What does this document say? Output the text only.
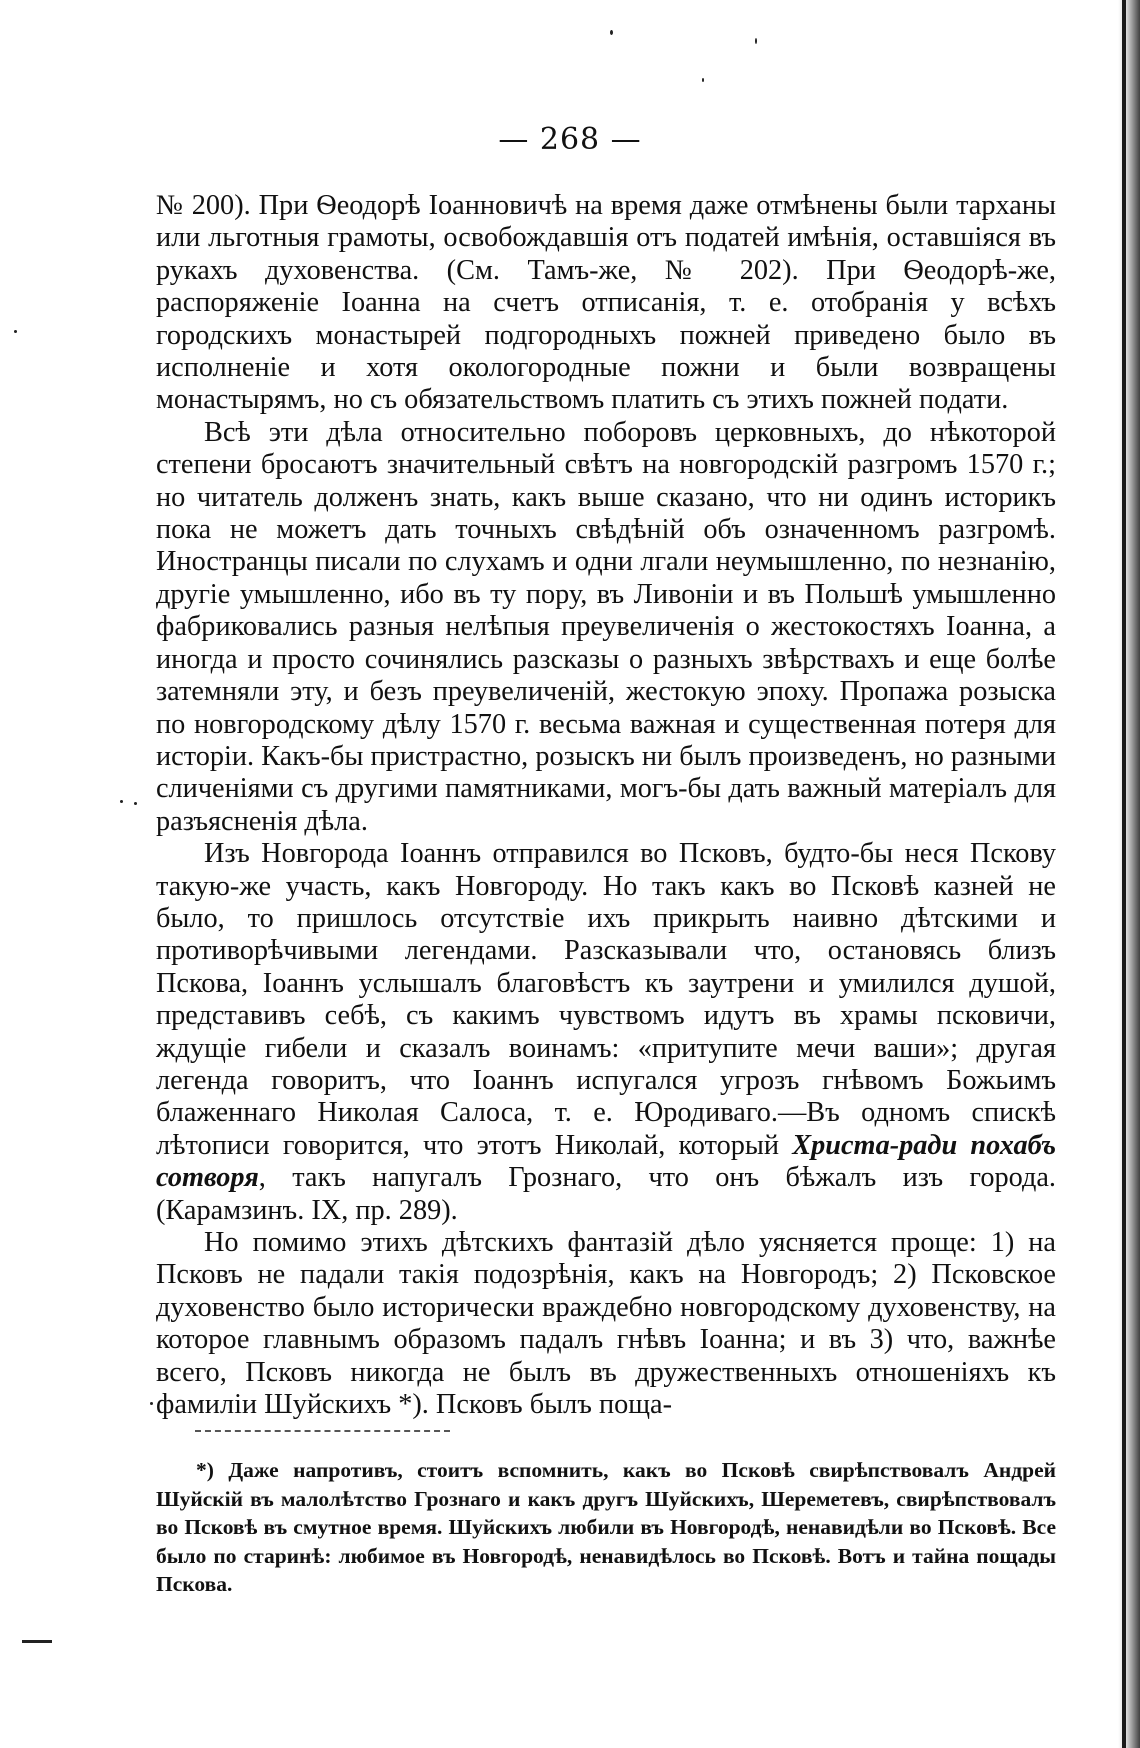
— 268 —

№ 200). При Ѳеодорѣ Іоанновичѣ на время даже отмѣнены были тарханы или льготныя грамоты, освобождавшія отъ податей имѣнія, оставшіяся въ рукахъ духовенства. (См. Тамъ-же, № 202). При Ѳеодорѣ-же, распоряженіе Іоанна на счетъ отписанія, т. е. отобранія у всѣхъ городскихъ монастырей подгородныхъ пожней приведено было въ исполненіе и хотя окологородные пожни и были возвращены монастырямъ, но съ обязательствомъ платить съ этихъ пожней подати.

Всѣ эти дѣла относительно поборовъ церковныхъ, до нѣкоторой степени бросаютъ значительный свѣтъ на новгородскій разгромъ 1570 г.; но читатель долженъ знать, какъ выше сказано, что ни одинъ историкъ пока не можетъ дать точныхъ свѣдѣній объ означенномъ разгромѣ. Иностранцы писали по слухамъ и одни лгали неумышленно, по незнанію, другіе умышленно, ибо въ ту пору, въ Ливоніи и въ Польшѣ умышленно фабриковались разныя нелѣпыя преувеличенія о жестокостяхъ Іоанна, а иногда и просто сочинялись разсказы о разныхъ звѣрствахъ и еще болѣе затемняли эту, и безъ преувеличеній, жестокую эпоху. Пропажа розыска по новгородскому дѣлу 1570 г. весьма важная и существенная потеря для исторіи. Какъ-бы пристрастно, розыскъ ни былъ произведенъ, но разными сличеніями съ другими памятниками, могъ-бы дать важный матеріалъ для разъясненія дѣла.

Изъ Новгорода Іоаннъ отправился во Псковъ, будто-бы неся Пскову такую-же участь, какъ Новгороду. Но такъ какъ во Псковѣ казней не было, то пришлось отсутствіе ихъ прикрыть наивно дѣтскими и противорѣчивыми легендами. Разсказывали что, остановясь близъ Пскова, Іоаннъ услышалъ благовѣстъ къ заутрени и умилился душой, представивъ себѣ, съ какимъ чувствомъ идутъ въ храмы псковичи, ждущіе гибели и сказалъ воинамъ: «притупите мечи ваши»; другая легенда говоритъ, что Іоаннъ испугался угрозъ гнѣвомъ Божьимъ блаженнаго Николая Салоса, т. е. Юродиваго.—Въ одномъ спискѣ лѣтописи говорится, что этотъ Николай, который Христа-ради похабъ сотворя, такъ напугалъ Грознаго, что онъ бѣжалъ изъ города. (Карамзинъ. IX, пр. 289).

Но помимо этихъ дѣтскихъ фантазій дѣло уясняется проще: 1) на Псковъ не падали такія подозрѣнія, какъ на Новгородъ; 2) Псковское духовенство было исторически враждебно новгородскому духовенству, на которое главнымъ образомъ падалъ гнѣвъ Іоанна; и въ 3) что, важнѣе всего, Псковъ никогда не былъ въ дружественныхъ отношеніяхъ къ фамиліи Шуйскихъ *). Псковъ былъ поща-

*) Даже напротивъ, стоитъ вспомнить, какъ во Псковѣ свирѣпствовалъ Андрей Шуйскій въ малолѣтство Грознаго и какъ другъ Шуйскихъ, Шереметевъ, свирѣпствовалъ во Псковѣ въ смутное время. Шуйскихъ любили въ Новгородѣ, ненавидѣли во Псковѣ. Все было по старинѣ: любимое въ Новгородѣ, ненавидѣлось во Псковѣ. Вотъ и тайна пощады Пскова.
